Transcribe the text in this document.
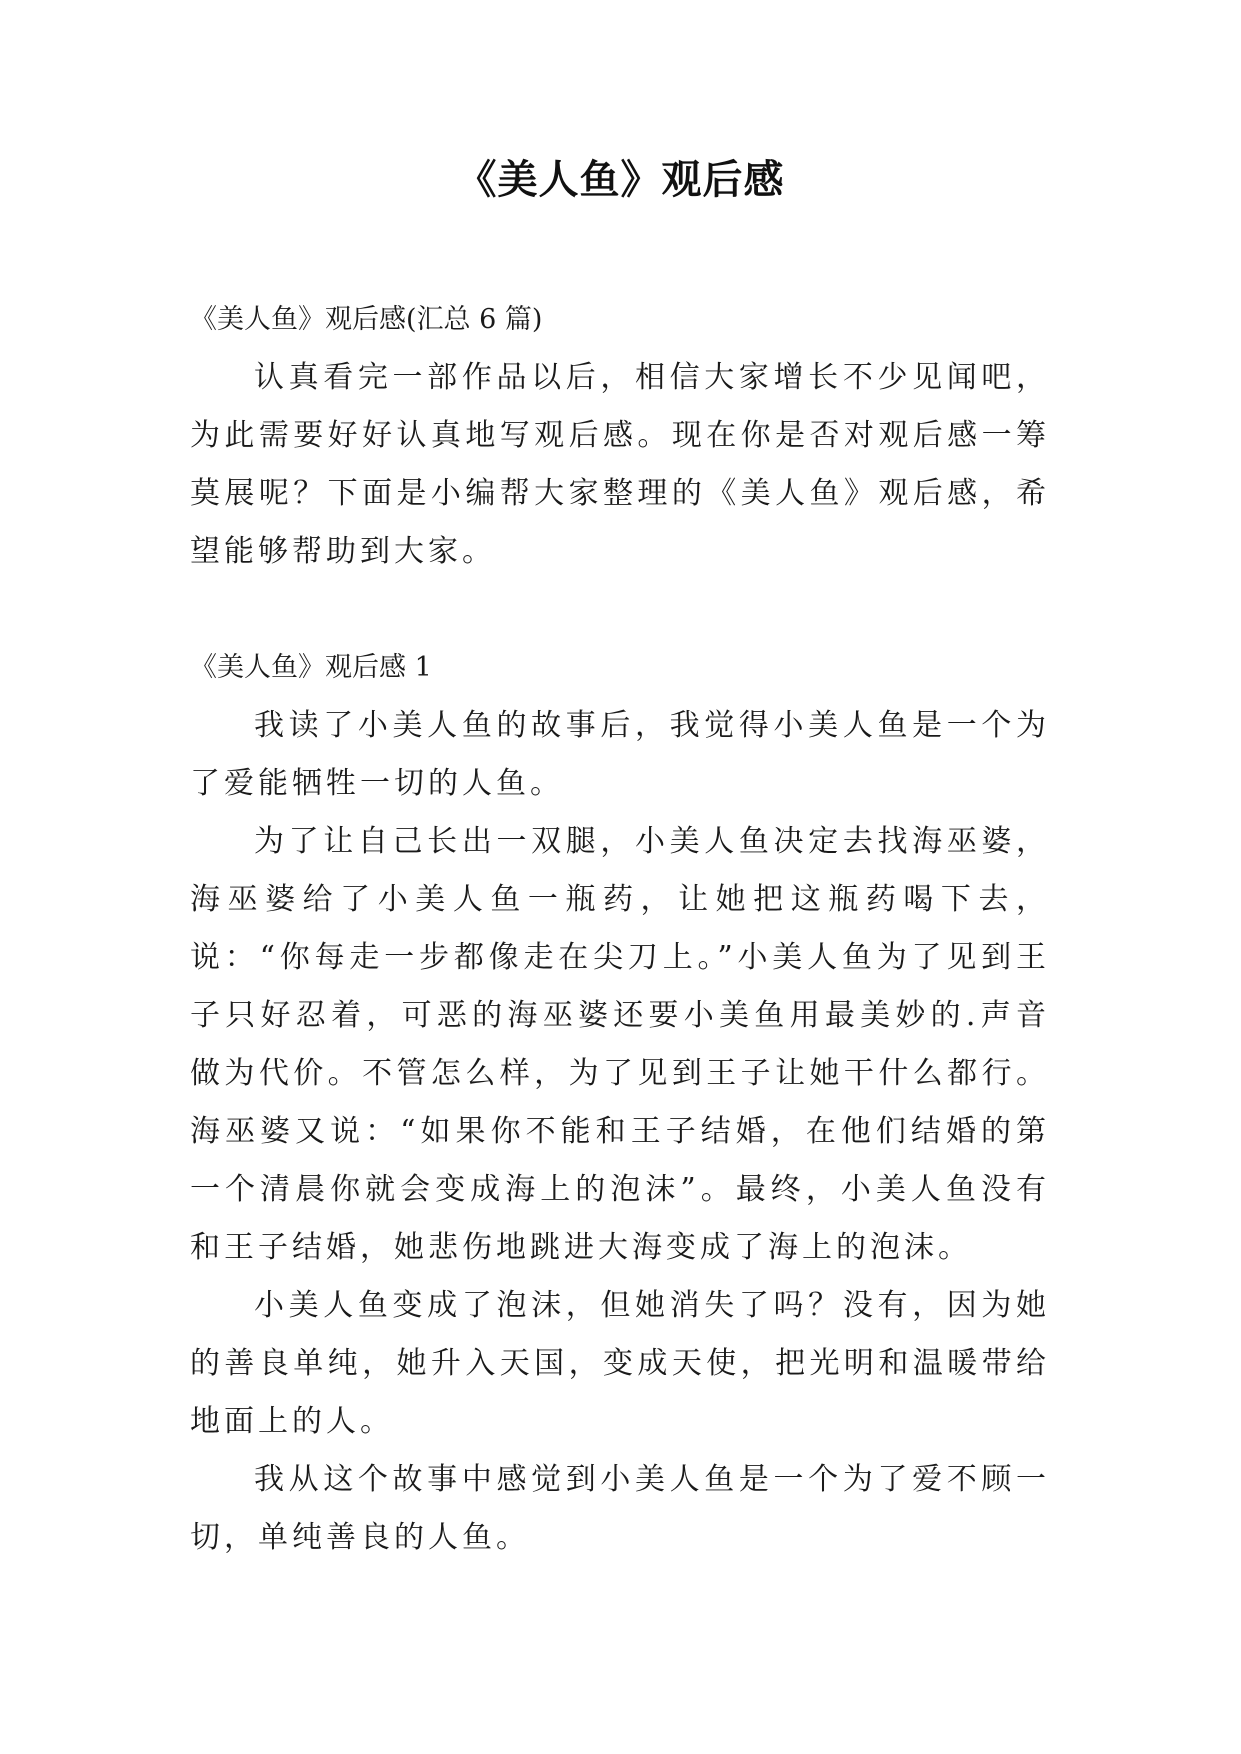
《美人鱼》观后感

《美人鱼》观后感(汇总 6 篇)

认真看完一部作品以后，相信大家增长不少见闻吧，为此需要好好认真地写观后感。现在你是否对观后感一筹莫展呢？下面是小编帮大家整理的《美人鱼》观后感，希望能够帮助到大家。

《美人鱼》观后感 1

我读了小美人鱼的故事后，我觉得小美人鱼是一个为了爱能牺牲一切的人鱼。

为了让自己长出一双腿，小美人鱼决定去找海巫婆，海巫婆给了小美人鱼一瓶药，让她把这瓶药喝下去，说：“你每走一步都像走在尖刀上。”小美人鱼为了见到王子只好忍着，可恶的海巫婆还要小美鱼用最美妙的.声音做为代价。不管怎么样，为了见到王子让她干什么都行。海巫婆又说：“如果你不能和王子结婚，在他们结婚的第一个清晨你就会变成海上的泡沫”。最终，小美人鱼没有和王子结婚，她悲伤地跳进大海变成了海上的泡沫。

小美人鱼变成了泡沫，但她消失了吗？没有，因为她的善良单纯，她升入天国，变成天使，把光明和温暖带给地面上的人。

我从这个故事中感觉到小美人鱼是一个为了爱不顾一切，单纯善良的人鱼。
